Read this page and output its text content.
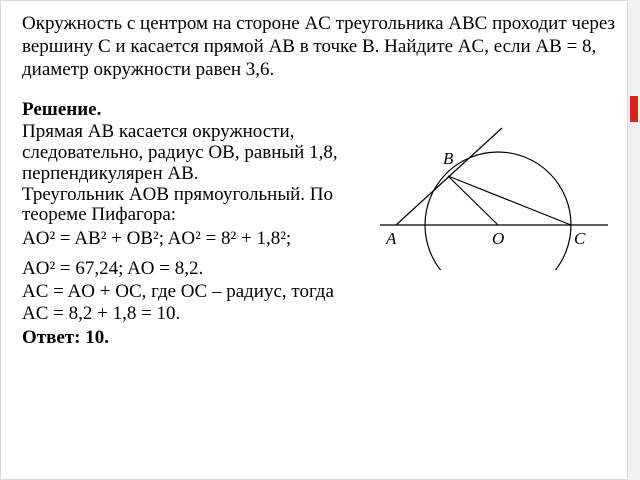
Окружность с центром на стороне AC треугольника ABC проходит через
вершину C и касается прямой AB в точке B. Найдите AC, если AB = 8,
диаметр окружности равен 3,6.
Решение.
Прямая AB касается окружности,
следовательно, радиус OB, равный 1,8,
перпендикулярен AB.
Треугольник AOB прямоугольный. По
теореме Пифагора:
AO² = AB² + OB²; AO² = 8² + 1,8²;
AO² = 67,24; AO = 8,2.
AC = AO + OC, где OC – радиус, тогда
AC = 8,2 + 1,8 = 10.
Ответ: 10.
B
A	O	C
